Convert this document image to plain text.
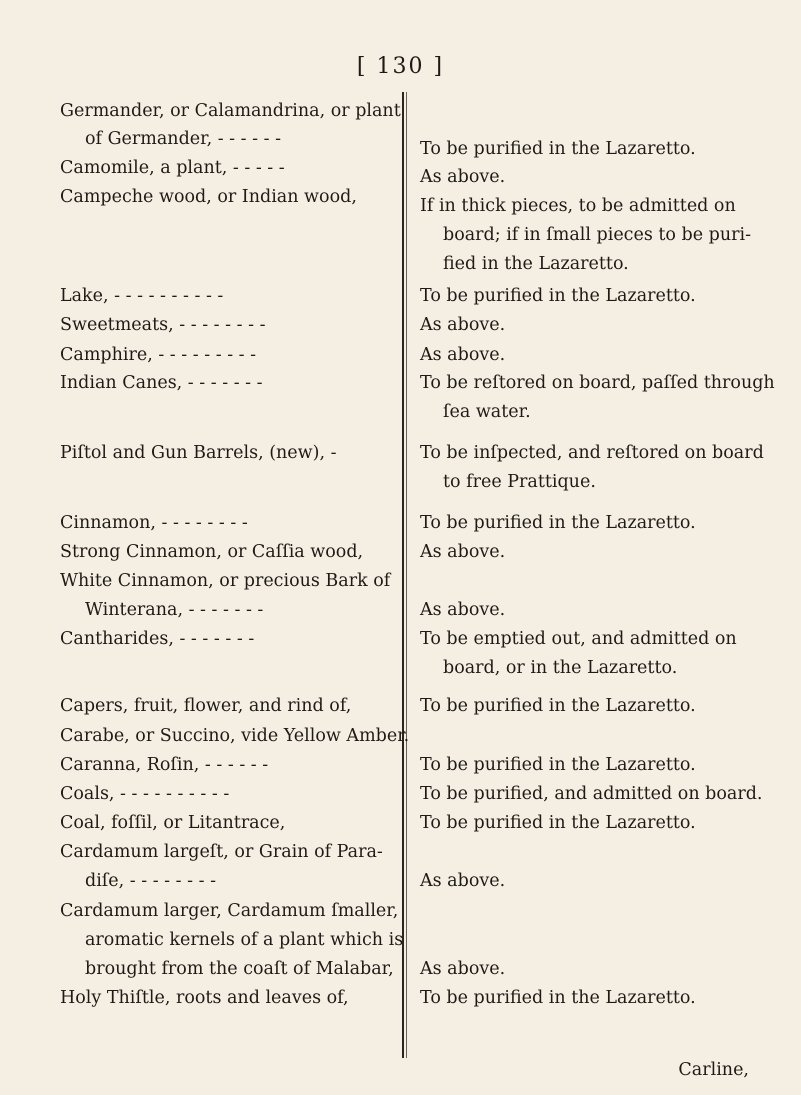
[ 130 ]
Germander, or Calamandrina, or plant
of Germander, - - - - - -
Camomile, a plant, - - - - -
Campeche wood, or Indian wood,
Lake, - - - - - - - - - -
Sweetmeats, - - - - - - - -
Camphire, - - - - - - - - -
Indian Canes, - - - - - - -
Piſtol and Gun Barrels, (new), -
Cinnamon, - - - - - - - -
Strong Cinnamon, or Caſſia wood,
White Cinnamon, or precious Bark of
Winterana, - - - - - - -
Cantharides, - - - - - - -
Capers, fruit, flower, and rind of,
Carabe, or Succino, vide Yellow Amber.
Caranna, Roſin, - - - - - -
Coals, - - - - - - - - - -
Coal, foſſil, or Litantrace,
Cardamum largeſt, or Grain of Para-
diſe, - - - - - - - -
Cardamum larger, Cardamum ſmaller,
aromatic kernels of a plant which is
brought from the coaſt of Malabar,
Holy Thiſtle, roots and leaves of,
To be purified in the Lazaretto.
As above.
If in thick pieces, to be admitted on
board; if in ſmall pieces to be puri-
fied in the Lazaretto.
To be purified in the Lazaretto.
As above.
As above.
To be reſtored on board, paſſed through
ſea water.
To be inſpected, and reſtored on board
to free Prattique.
To be purified in the Lazaretto.
As above.
As above.
To be emptied out, and admitted on
board, or in the Lazaretto.
To be purified in the Lazaretto.
To be purified in the Lazaretto.
To be purified, and admitted on board.
To be purified in the Lazaretto.
As above.
As above.
To be purified in the Lazaretto.
Carline,
